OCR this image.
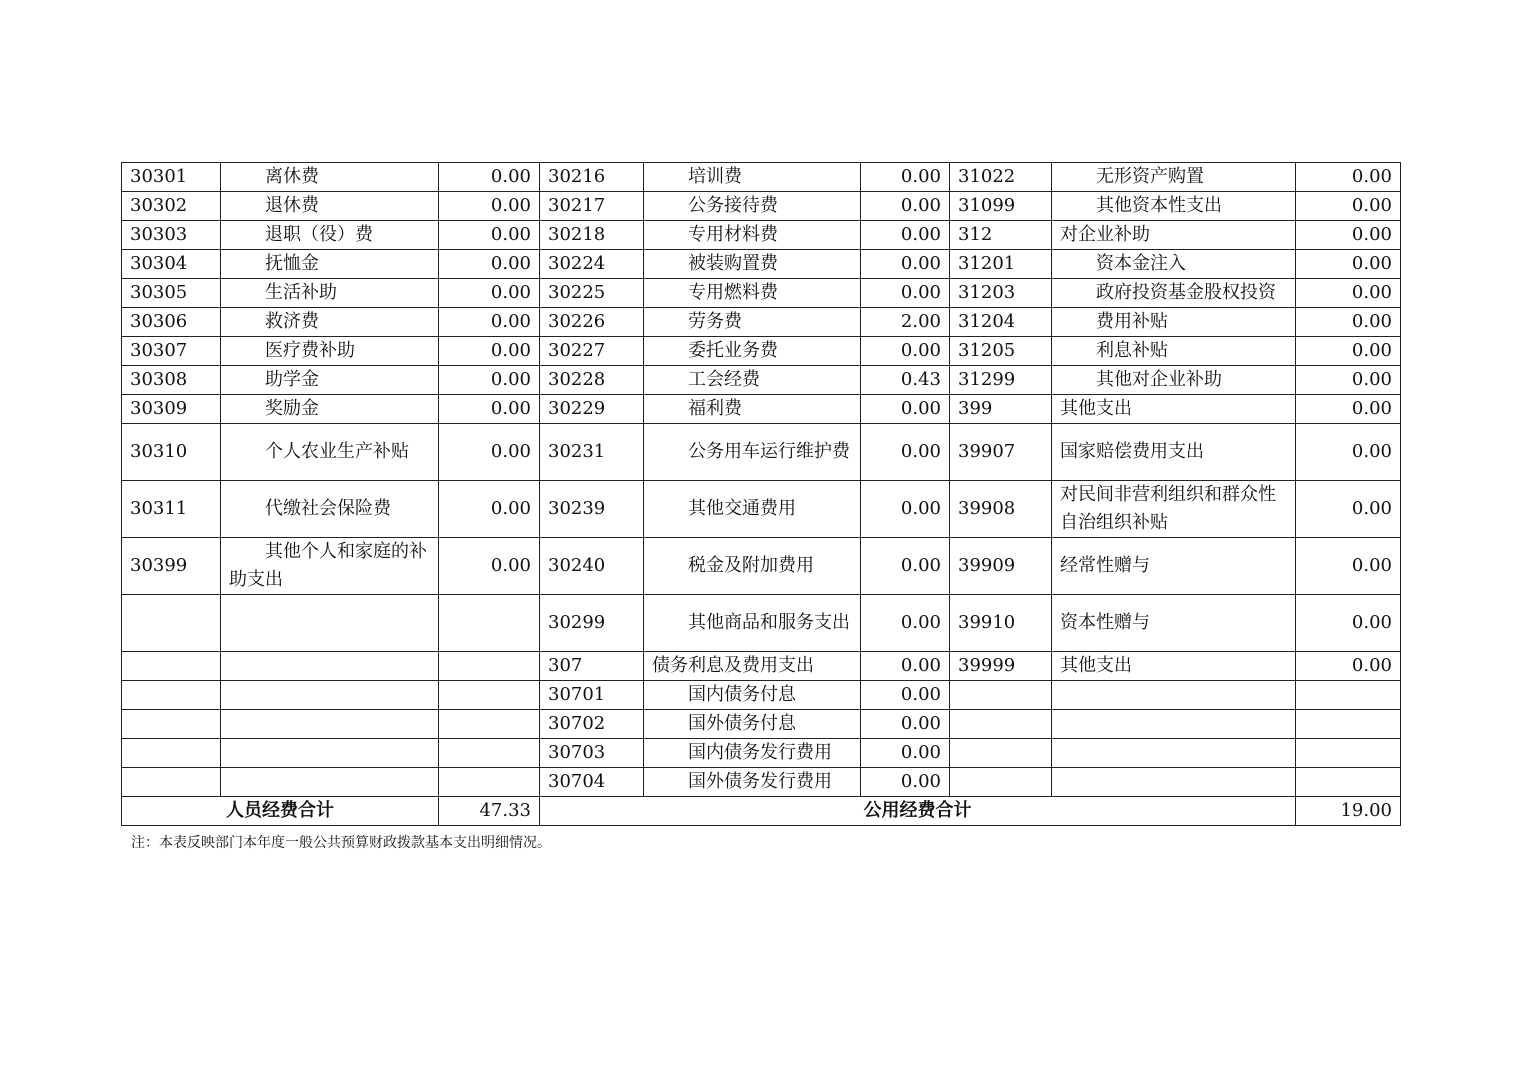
30301	离休费	0.00	30216	培训费	0.00	31022	无形资产购置	0.00
30302	退休费	0.00	30217	公务接待费	0.00	31099	其他资本性支出	0.00
30303	退职（役）费	0.00	30218	专用材料费	0.00	312	对企业补助	0.00
30304	抚恤金	0.00	30224	被装购置费	0.00	31201	资本金注入	0.00
30305	生活补助	0.00	30225	专用燃料费	0.00	31203	政府投资基金股权投资	0.00
30306	救济费	0.00	30226	劳务费	2.00	31204	费用补贴	0.00
30307	医疗费补助	0.00	30227	委托业务费	0.00	31205	利息补贴	0.00
30308	助学金	0.00	30228	工会经费	0.43	31299	其他对企业补助	0.00
30309	奖励金	0.00	30229	福利费	0.00	399	其他支出	0.00
30310	个人农业生产补贴	0.00	30231	公务用车运行维护费	0.00	39907	国家赔偿费用支出	0.00
30311	代缴社会保险费	0.00	30239	其他交通费用	0.00	39908	对民间非营利组织和群众性自治组织补贴	0.00
30399	其他个人和家庭的补助支出	0.00	30240	税金及附加费用	0.00	39909	经常性赠与	0.00
			30299	其他商品和服务支出	0.00	39910	资本性赠与	0.00
			307	债务利息及费用支出	0.00	39999	其他支出	0.00
			30701	国内债务付息	0.00			
			30702	国外债务付息	0.00			
			30703	国内债务发行费用	0.00			
			30704	国外债务发行费用	0.00			
人员经费合计		47.33	公用经费合计					19.00
注：本表反映部门本年度一般公共预算财政拨款基本支出明细情况。
